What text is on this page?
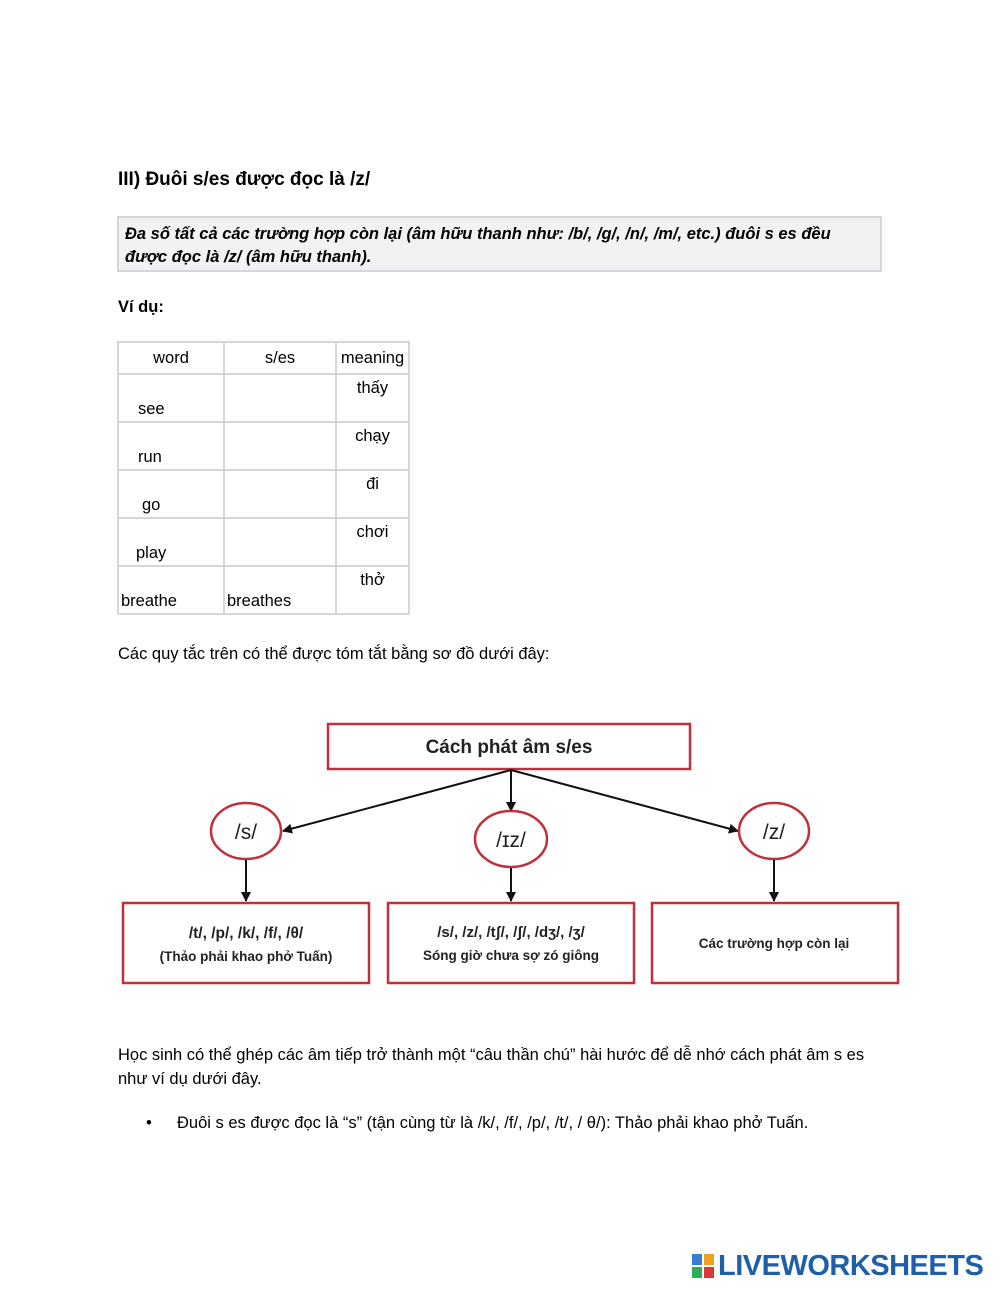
III) Đuôi s/es được đọc là /z/

Đa số tất cả các trường hợp còn lại (âm hữu thanh như: /b/, /g/, /n/, /m/, etc.) đuôi s es đều được đọc là /z/ (âm hữu thanh).

Ví dụ:
word	s/es	meaning

see		thấy

run		chạy

go		đi

play		chơi

breathe	breathes	thở
Các quy tắc trên có thể được tóm tắt bằng sơ đồ dưới đây:
Cách phát âm s/es
/s/	/ɪz/	/z/
/t/, /p/, /k/, /f/, /θ/
(Thảo phải khao phở Tuấn)
/s/, /z/, /tʃ/, /ʃ/, /dʒ/, /ʒ/
Sóng giờ chưa sợ zó giông
Các trường hợp còn lại
Học sinh có thể ghép các âm tiếp trở thành một “câu thần chú” hài hước để dễ nhớ cách phát âm s es như ví dụ dưới đây.
• Đuôi s es được đọc là “s” (tận cùng từ là /k/, /f/, /p/, /t/, / θ/): Thảo phải khao phở Tuấn.
LIVEWORKSHEETS
